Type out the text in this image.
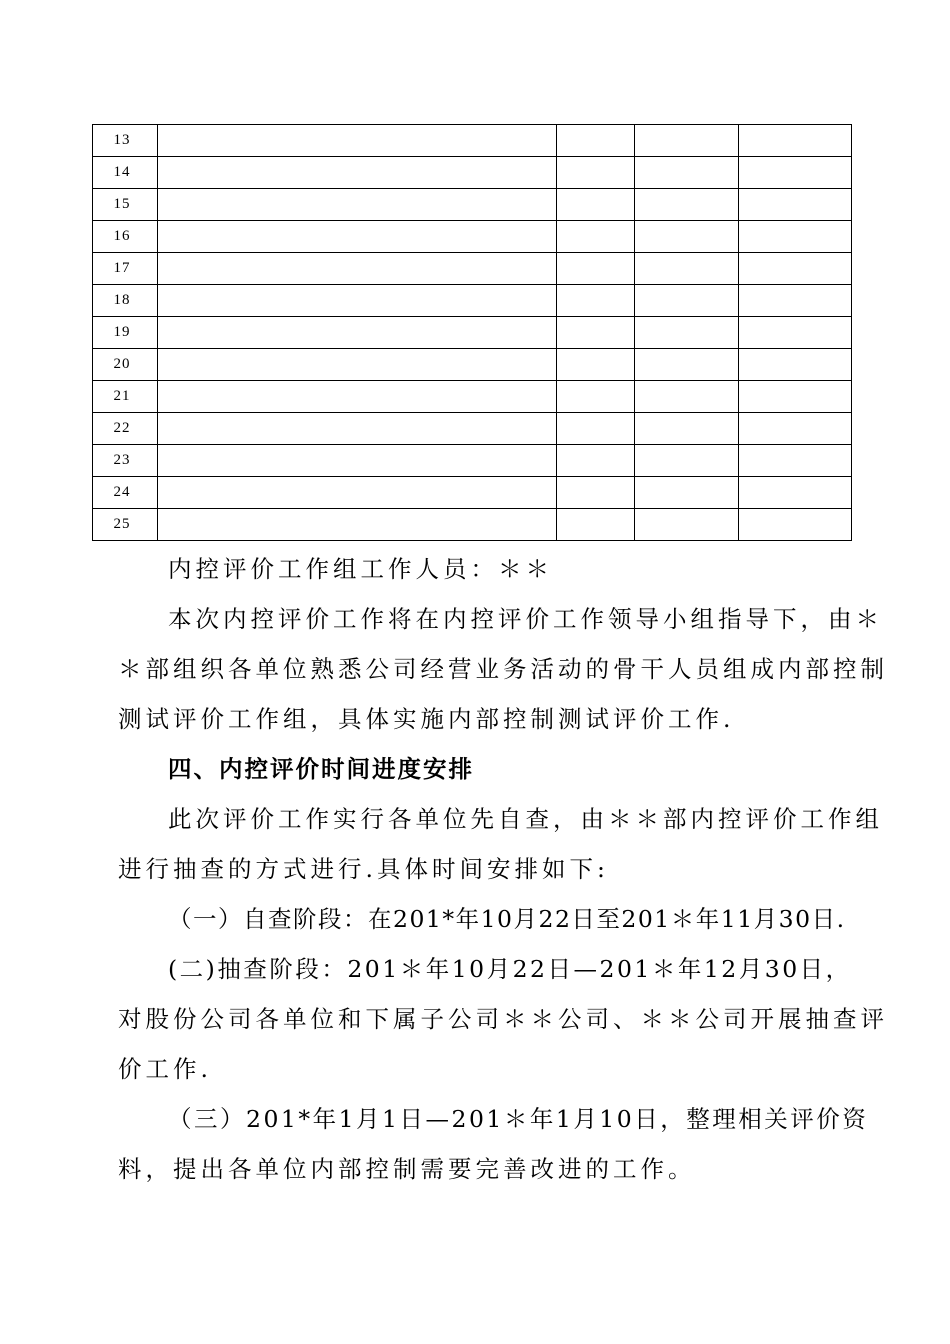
13				
14				
15				
16				
17				
18				
19				
20				
21				
22				
23				
24				
25				
内控评价工作组工作人员：＊＊
本次内控评价工作将在内控评价工作领导小组指导下，由＊
＊部组织各单位熟悉公司经营业务活动的骨干人员组成内部控制
测试评价工作组，具体实施内部控制测试评价工作.
四、内控评价时间进度安排
此次评价工作实行各单位先自查，由＊＊部内控评价工作组
进行抽查的方式进行.具体时间安排如下:
（一）自查阶段：在201*年10月22日至201＊年11月30日.
(二)抽查阶段：201＊年10月22日—201＊年12月30日，
对股份公司各单位和下属子公司＊＊公司、＊＊公司开展抽查评
价工作.
（三）201*年1月1日—201＊年1月10日，整理相关评价资
料，提出各单位内部控制需要完善改进的工作。
